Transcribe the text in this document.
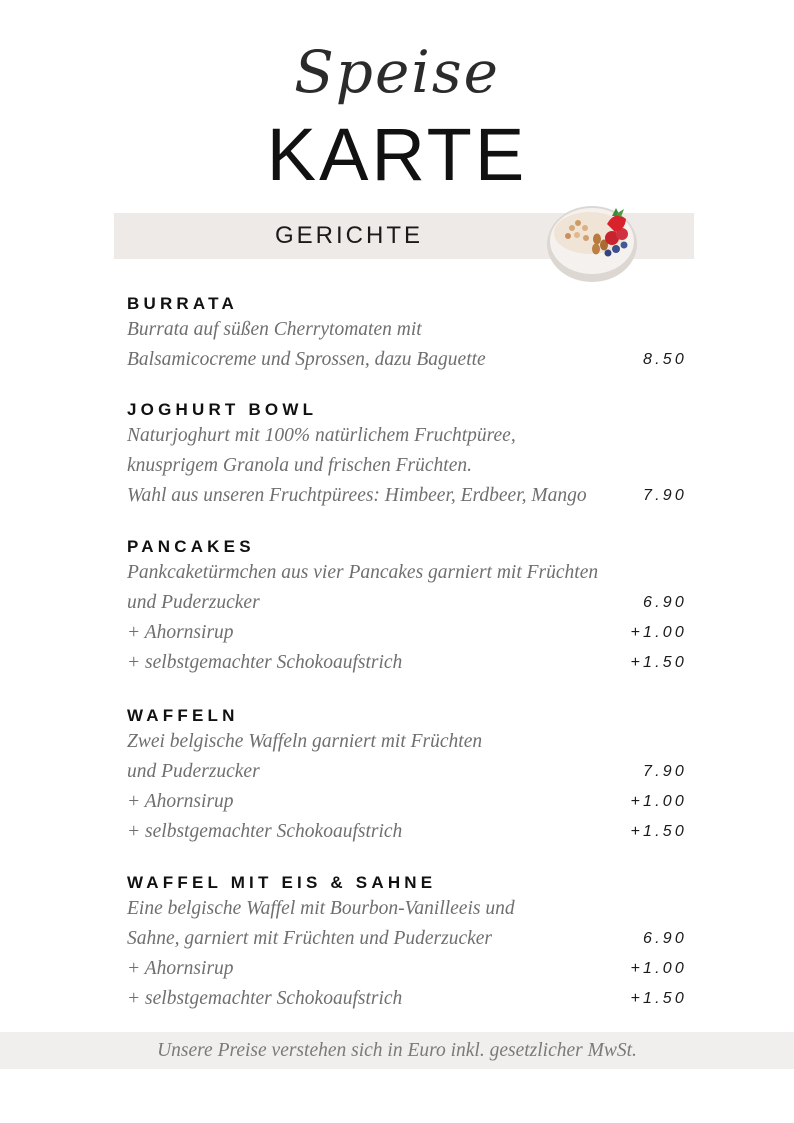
Speise
KARTE
GERICHTE
BURRATA
Burrata auf süßen Cherrytomaten mit
Balsamicocreme und Sprossen, dazu Baguette	8.50
JOGHURT BOWL
Naturjoghurt mit 100% natürlichem Fruchtpüree,
knusprigem Granola und frischen Früchten.
Wahl aus unseren Fruchtpürees: Himbeer, Erdbeer, Mango	7.90
PANCAKES
Pankcaketürmchen aus vier Pancakes garniert mit Früchten
und Puderzucker	6.90
+ Ahornsirup	+1.00
+ selbstgemachter Schokoaufstrich	+1.50
WAFFELN
Zwei belgische Waffeln garniert mit Früchten
und Puderzucker	7.90
+ Ahornsirup	+1.00
+ selbstgemachter Schokoaufstrich	+1.50
WAFFEL MIT EIS & SAHNE
Eine belgische Waffel mit Bourbon-Vanilleeis und
Sahne, garniert mit Früchten und Puderzucker	6.90
+ Ahornsirup	+1.00
+ selbstgemachter Schokoaufstrich	+1.50
Unsere Preise verstehen sich in Euro inkl. gesetzlicher MwSt.
